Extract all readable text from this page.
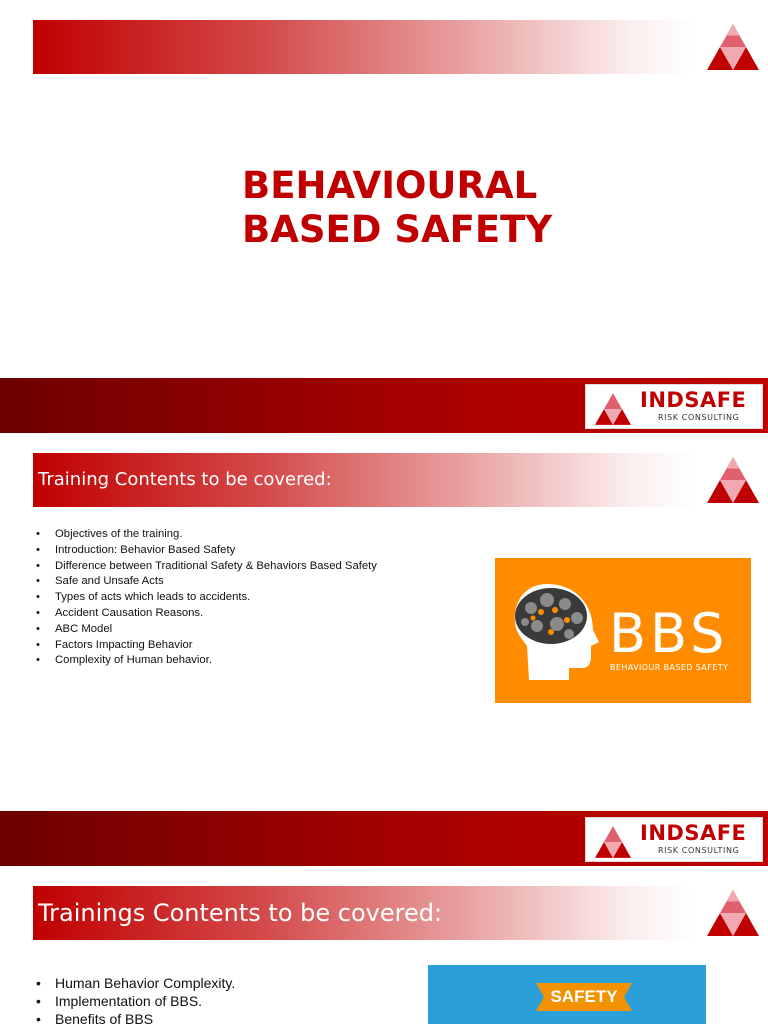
BEHAVIOURAL
BASED SAFETY
INDSAFE
RISK CONSULTING
Training Contents to be covered:
• Objectives of the training.
• Introduction: Behavior Based Safety
• Difference between Traditional Safety & Behaviors Based Safety
• Safe and Unsafe Acts
• Types of acts which leads to accidents.
• Accident Causation Reasons.
• ABC Model
• Factors Impacting Behavior
• Complexity of Human behavior.	BBS
BEHAVIOUR BASED SAFETY
INDSAFE
RISK CONSULTING
Trainings Contents to be covered:
• Human Behavior Complexity.
• Implementation of BBS.
• Benefits of BBS
SAFETY
